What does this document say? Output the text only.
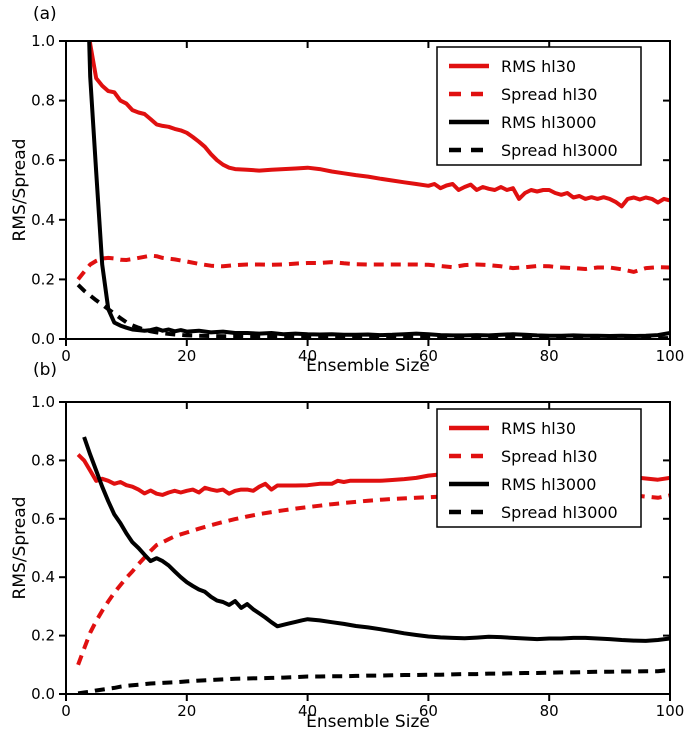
0	20	40	60	80	100
0.0
0.2
0.4
0.6
0.8
1.0
RMS hl30
Spread hl30
RMS hl3000
Spread hl3000
0	20	40	60	80	100
0.0
0.2
0.4
0.6
0.8
1.0
RMS hl30
Spread hl30
RMS hl3000
Spread hl3000
(a)
(b)	Ensemble Size
Ensemble Size
RMS/Spread
RMS/Spread
